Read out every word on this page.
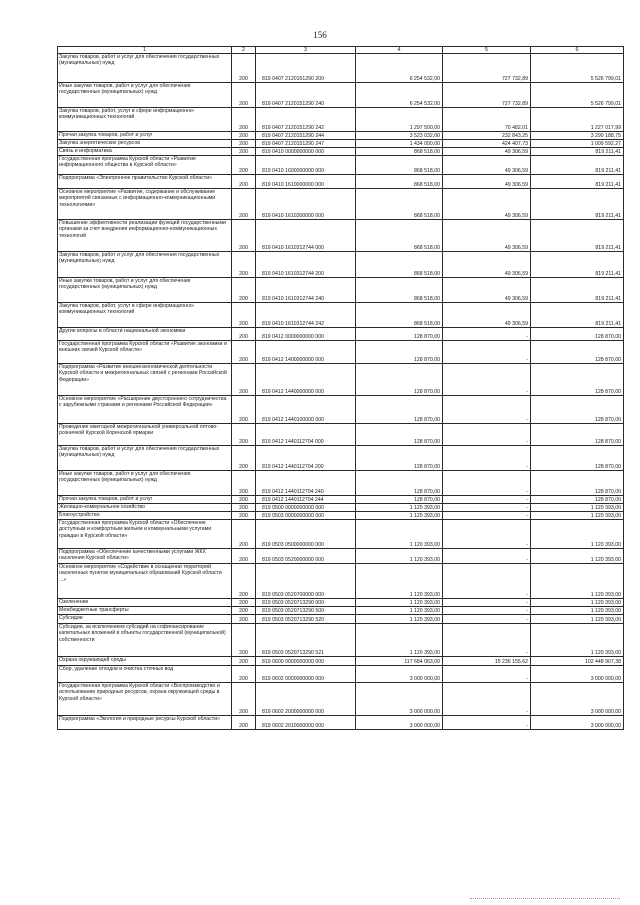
156
1	2	3	4	5	6
Закупка товаров, работ и услуг для обеспечения государственных (муниципальных) нужд	200	819 0407 2120151290 200	6 254 532,00	727 732,89	5 526 799,01
Иные закупки товаров, работ и услуг для обеспечения государственных (муниципальных) нужд	200	819 0407 2120151290 240	6 254 532,00	727 732,89	5 526 799,01
Закупка товаров, работ, услуг в сфере информационно-коммуникационных технологий	200	819 0407 2120151290 242	1 297 500,00	70 482,01	1 227 017,99
Прочая закупка товаров, работ и услуг	200	819 0407 2120151290 244	3 523 032,00	232 843,25	3 290 188,75
Закупка энергетических ресурсов	200	819 0407 2120151290 247	1 434 000,00	424 407,73	1 009 592,27
Связь и информатика	200	819 0410 0000000000 000	868 518,00	49 306,59	819 211,41
Государственная программа Курской области «Развитие информационного общества в Курской области»	200	819 0410 1600000000 000	868 518,00	49 306,59	819 211,41
Подпрограмма «Электронное правительство Курской области»	200	819 0410 1610000000 000	868 518,00	49 306,59	819 211,41
Основное мероприятие «Развитие, содержание и обслуживание мероприятий связанных с информационно-коммуникационными технологиями»	200	819 0410 1610300000 000	868 518,00	49 306,59	819 211,41
Повышение эффективности реализации функций государственными органами за счет внедрения информационно-коммуникационных технологий	200	819 0410 1610312744 000	868 518,00	49 306,59	819 211,41
Закупка товаров, работ и услуг для обеспечения государственных (муниципальных) нужд	200	819 0410 1610312744 200	868 518,00	49 306,59	819 211,41
Иные закупки товаров, работ и услуг для обеспечения государственных (муниципальных) нужд	200	819 0410 1610312744 240	868 518,00	49 306,59	819 211,41
Закупка товаров, работ, услуг в сфере информационно-коммуникационных технологий	200	819 0410 1610312744 242	868 518,00	49 306,59	819 211,41
Другие вопросы в области национальной экономики	200	819 0412 0000000000 000	128 870,00	-	128 870,00
Государственная программа Курской области «Развитие экономики и внешних связей Курской области»	200	819 0412 1400000000 000	128 870,00	-	128 870,00
Подпрограмма «Развитие внешнеэкономической деятельности Курской области и межрегиональных связей с регионами Российской Федерации»	200	819 0412 1440000000 000	128 870,00	-	128 870,00
Основное мероприятие «Расширение двустороннего сотрудничества с зарубежными странами и регионами Российской Федерации»	200	819 0412 1440100000 000	128 870,00	-	128 870,00
Проведение ежегодной межрегиональной универсальной оптово-розничной Курской Коренской ярмарки	200	819 0412 1440112704 000	128 870,00	-	128 870,00
Закупка товаров, работ и услуг для обеспечения государственных (муниципальных) нужд	200	819 0412 1440112704 200	128 870,00	-	128 870,00
Иные закупки товаров, работ и услуг для обеспечения государственных (муниципальных) нужд	200	819 0412 1440112704 240	128 870,00	-	128 870,00
Прочая закупка товаров, работ и услуг	200	819 0412 1440112704 244	128 870,00	-	128 870,00
Жилищно-коммунальное хозяйство	200	819 0500 0000000000 000	1 120 393,00	-	1 120 393,00
Благоустройство	200	819 0503 0000000000 000	1 120 393,00	-	1 120 393,00
Государственная программа Курской области «Обеспечение доступным и комфортным жильем и коммунальными услугами граждан в Курской области»	200	819 0503 0500000000 000	1 120 393,00	-	1 120 393,00
Подпрограмма «Обеспечение качественными услугами ЖКХ населения Курской области»	200	819 0503 0520000000 000	1 120 393,00	-	1 120 393,00
Основное мероприятие «Содействие в оснащении территорий населенных пунктов муниципальных образований Курской области ...»	200	819 0503 0520700000 000	1 120 393,00	-	1 120 393,00
Озеленение	200	819 0503 0520713290 000	1 120 393,00	-	1 120 393,00
Межбюджетные трансферты	200	819 0503 0520713290 500	1 120 393,00	-	1 120 393,00
Субсидии	200	819 0503 0520713290 520	1 120 393,00	-	1 120 393,00
Субсидии, за исключением субсидий на софинансирование капитальных вложений в объекты государственной (муниципальной) собственности	200	819 0503 0520713290 521	1 120 393,00	-	1 120 393,00
Охрана окружающей среды	200	819 0600 0000000000 000	117 684 063,00	15 236 155,62	102 448 907,38
Сбор, удаление отходов и очистка сточных вод	200	819 0602 0000000000 000	3 000 000,00	-	3 000 000,00
Государственная программа Курской области «Воспроизводство и использование природных ресурсов, охрана окружающей среды в Курской области»	200	819 0602 2000000000 000	3 000 000,00	-	3 000 000,00
Подпрограмма «Экология и природные ресурсы Курской области»	200	819 0602 2010000000 000	3 000 000,00	-	3 000 000,00
